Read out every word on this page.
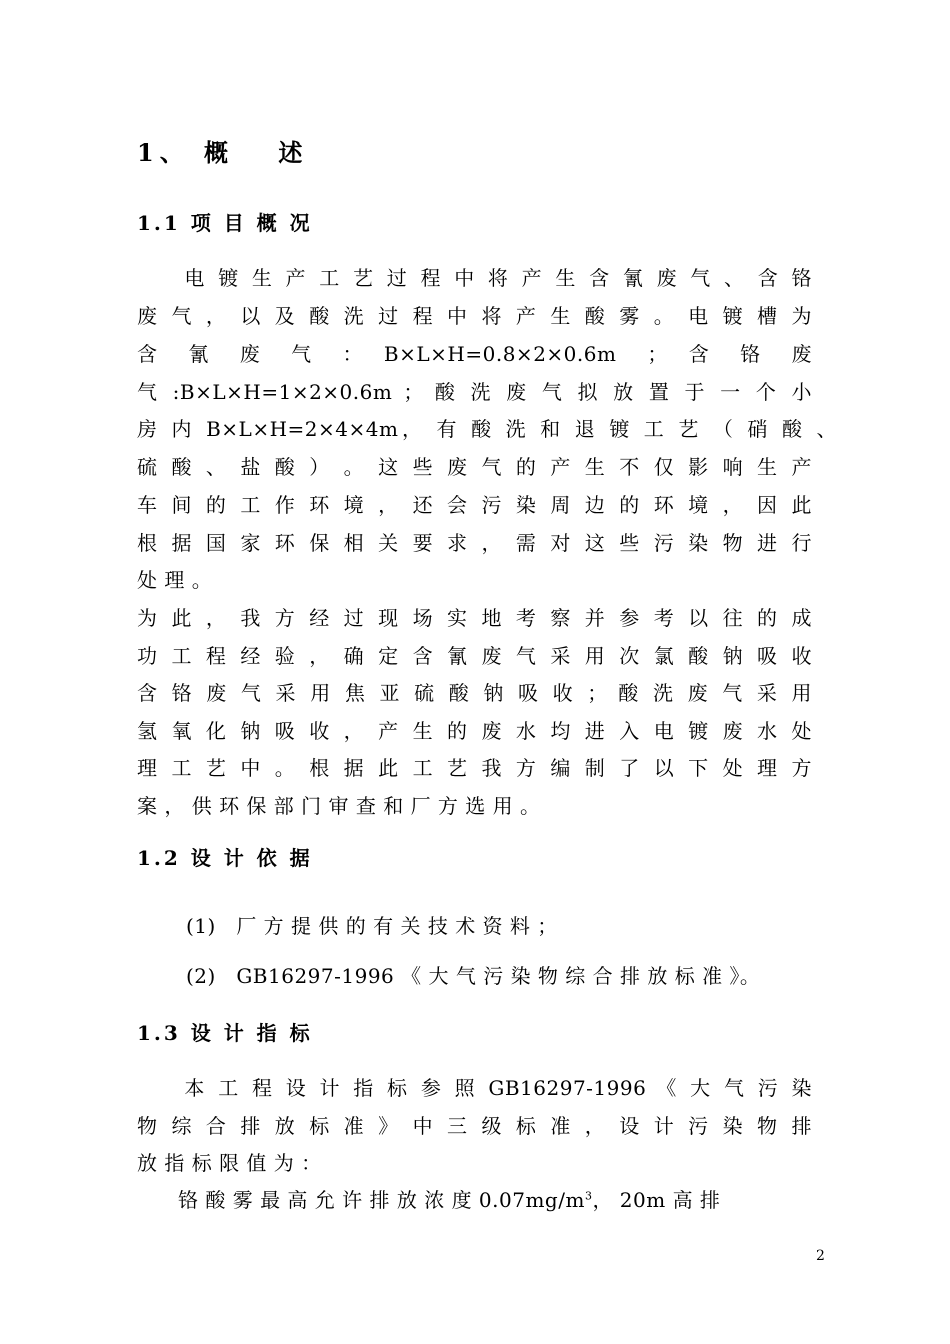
1、 概　 述
1.1 项 目 概 况
　　电 镀 生 产 工 艺 过 程 中 将 产 生 含 氰 废 气 、 含 铬
废 气 ， 以 及 酸 洗 过 程 中 将 产 生 酸 雾 。 电 镀 槽 为
含　氰　废　气　：　B×L×H=0.8×2×0.6m　；　含　铬　废
气 :B×L×H=1×2×0.6m ； 酸 洗 废 气 拟 放 置 于 一 个 小
房 内 B×L×H=2×4×4m， 有 酸 洗 和 退 镀 工 艺 （ 硝 酸 、
硫 酸 、 盐 酸 ） 。 这 些 废 气 的 产 生 不 仅 影 响 生 产
车 间 的 工 作 环 境 ， 还 会 污 染 周 边 的 环 境 ， 因 此
根 据 国 家 环 保 相 关 要 求 ， 需 对 这 些 污 染 物 进 行
处 理 。
为 此 ， 我 方 经 过 现 场 实 地 考 察 并 参 考 以 往 的 成
功 工 程 经 验 ， 确 定 含 氰 废 气 采 用 次 氯 酸 钠 吸 收
含 铬 废 气 采 用 焦 亚 硫 酸 钠 吸 收 ； 酸 洗 废 气 采 用
氢 氧 化 钠 吸 收 ， 产 生 的 废 水 均 进 入 电 镀 废 水 处
理 工 艺 中 。 根 据 此 工 艺 我 方 编 制 了 以 下 处 理 方
案 ， 供 环 保 部 门 审 查 和 厂 方 选 用 。
1.2 设 计 依 据
(1)　厂 方 提 供 的 有 关 技 术 资 料 ；
(2)　GB16297-1996 《 大 气 污 染 物 综 合 排 放 标 准 》。
1.3 设 计 指 标
　　本 工 程 设 计 指 标 参 照 GB16297-1996 《 大 气 污 染
物 综 合 排 放 标 准 》 中 三 级 标 准 ， 设 计 污 染 物 排
放 指 标 限 值 为 ：
　　铬 酸 雾 最 高 允 许 排 放 浓 度 $0.07mg/m^3$， 20m 高 排
2
